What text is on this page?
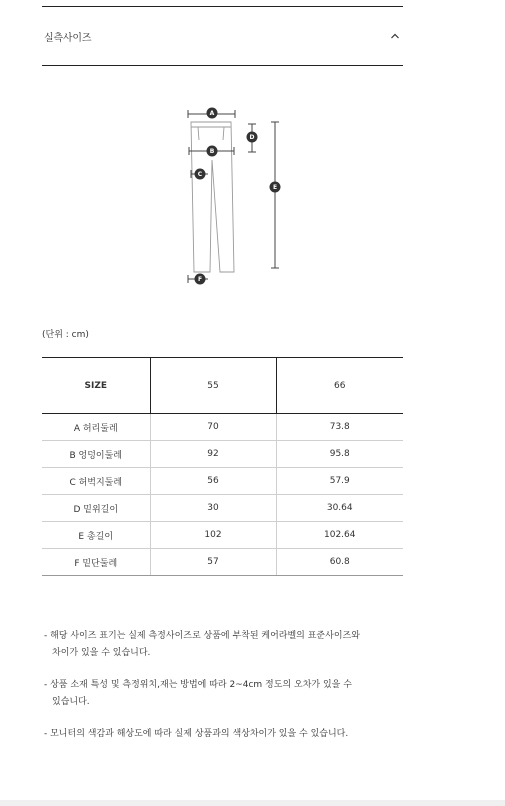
실측사이즈
A
B
C
D
E
F
(단위 : cm)
SIZE	55	66
A 허리둘레	70	73.8
B 엉덩이둘레	92	95.8
C 허벅지둘레	56	57.9
D 밑위길이	30	30.64
E 총길이	102	102.64
F 밑단둘레	57	60.8

- 해당 사이즈 표기는 실제 측정사이즈로 상품에 부착된 케어라벨의 표준사이즈와
차이가 있을 수 있습니다.

- 상품 소재 특성 및 측정위치,재는 방법에 따라 2~4cm 정도의 오차가 있을 수
있습니다.

- 모니터의 색감과 해상도에 따라 실제 상품과의 색상차이가 있을 수 있습니다.
